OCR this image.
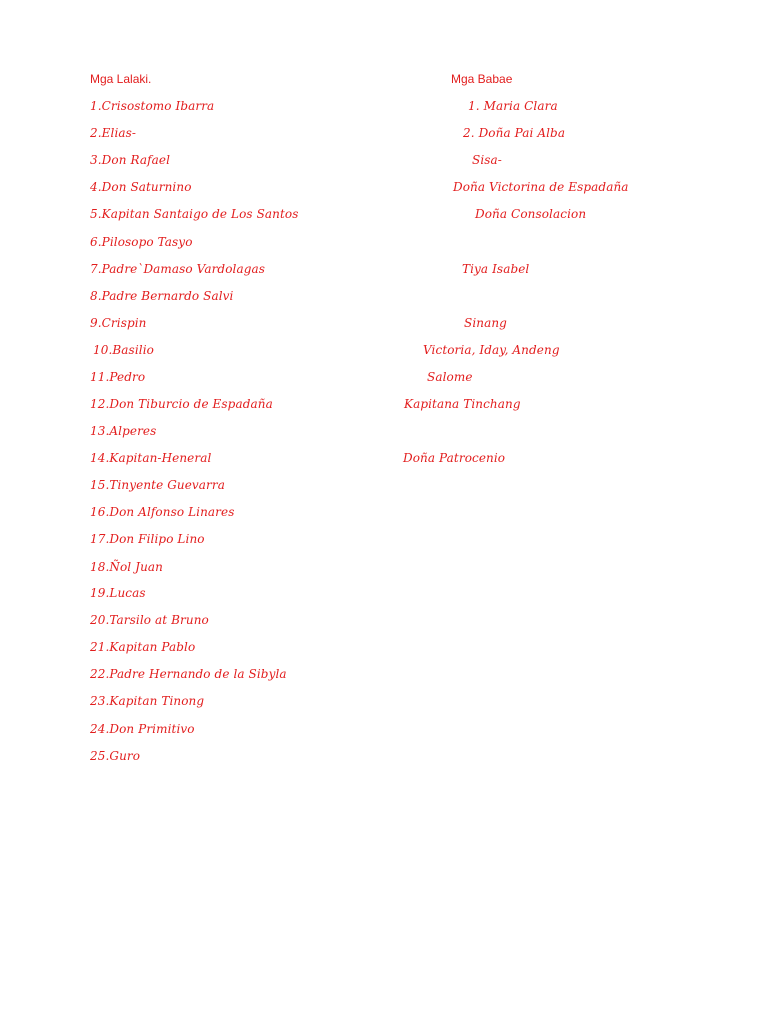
Mga Lalaki.	Mga Babae
1.Crisostomo Ibarra
2.Elias-
3.Don Rafael
4.Don Saturnino
5.Kapitan Santaigo de Los Santos
6.Pilosopo Tasyo
7.Padre`Damaso Vardolagas
8.Padre Bernardo Salvi
9.Crispin
10.Basilio
11.Pedro
12.Don Tiburcio de Espadaña
13.Alperes
14.Kapitan-Heneral
15.Tinyente Guevarra
16.Don Alfonso Linares
17.Don Filipo Lino
18.Ñol Juan
19.Lucas
20.Tarsilo at Bruno
21.Kapitan Pablo
22.Padre Hernando de la Sibyla
23.Kapitan Tinong
24.Don Primitivo
25.Guro
1. Maria Clara
2. Doña Pai Alba
Sisa-
Doña Victorina de Espadaña
Doña Consolacion
Tiya Isabel
Sinang
Victoria, Iday, Andeng
Salome
Kapitana Tinchang
Doña Patrocenio
